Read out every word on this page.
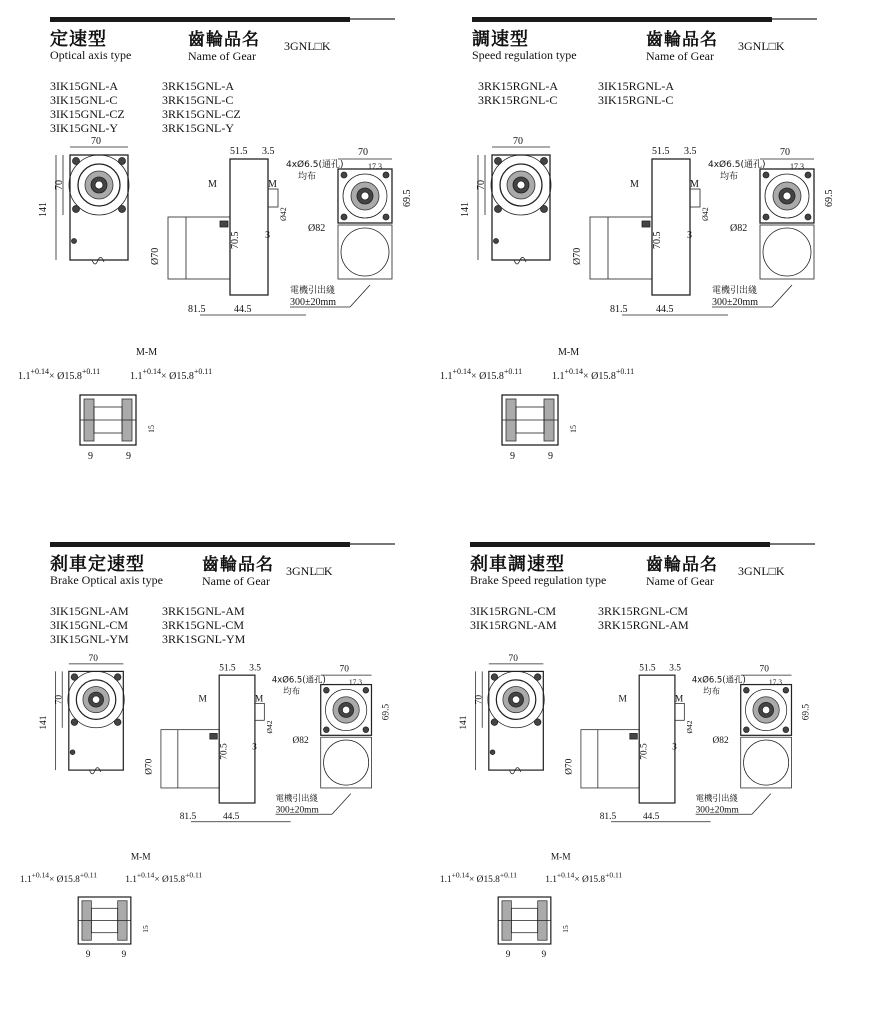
定速型
Optical axis type
齒輪品名
Name of Gear
3GNL□K
3IK15GNL-A
3IK15GNL-C
3IK15GNL-CZ
3IK15GNL-Y
3RK15GNL-A
3RK15GNL-C
3RK15GNL-CZ
3RK15GNL-Y
調速型
Speed regulation type
齒輪品名
Name of Gear
3GNL□K
3RK15RGNL-A
3RK15RGNL-C
3IK15RGNL-A
3IK15RGNL-C
刹車定速型
Brake Optical axis type
齒輪品名
Name of Gear
3GNL□K
3IK15GNL-AM
3IK15GNL-CM
3IK15GNL-YM
3RK15GNL-AM
3RK15GNL-CM
3RK1SGNL-YM
刹車調速型
Brake Speed regulation type
齒輪品名
Name of Gear
3GNL□K
3IK15RGNL-CM
3IK15RGNL-AM
3RK15RGNL-CM
3RK15RGNL-AM
70
141
70
81.5	44.5
51.5 3.5
M	M
Ø70
70.5 3
Ø42
70
17.3
4xØ6.5(通孔)
均布
69.5
Ø82
電機引出綫
300±20mm
M-M
$1.1^{+0.14}\times$ $Ø15.8^{+0.11}$	$1.1^{+0.14}\times$ $Ø15.8^{+0.11}$
15
9	9
70
141
70
81.5	44.5
51.5 3.5
M	M
Ø70
70.5 3
Ø42
70
17.3
4xØ6.5(通孔)
均布
69.5
Ø82
電機引出綫
300±20mm
M-M
$1.1^{+0.14}\times$ $Ø15.8^{+0.11}$	$1.1^{+0.14}\times$ $Ø15.8^{+0.11}$
15
9	9
70
141
70
81.5	44.5
51.5 3.5
M	M
Ø70
70.5 3
Ø42
70
17.3
4xØ6.5(通孔)
均布
69.5
Ø82
電機引出綫
300±20mm
M-M
$1.1^{+0.14}\times$ $Ø15.8^{+0.11}$
$1.1^{+0.14}\times$ $Ø15.8^{+0.11}$
15
9	9
70
141
70
81.5	44.5
51.5 3.5
M	M
Ø70
70.5 3
Ø42
70
17.3
4xØ6.5(通孔)
均布
69.5
Ø82
電機引出綫
300±20mm
M-M
$1.1^{+0.14}\times$ $Ø15.8^{+0.11}$
$1.1^{+0.14}\times$ $Ø15.8^{+0.11}$
15
9	9
